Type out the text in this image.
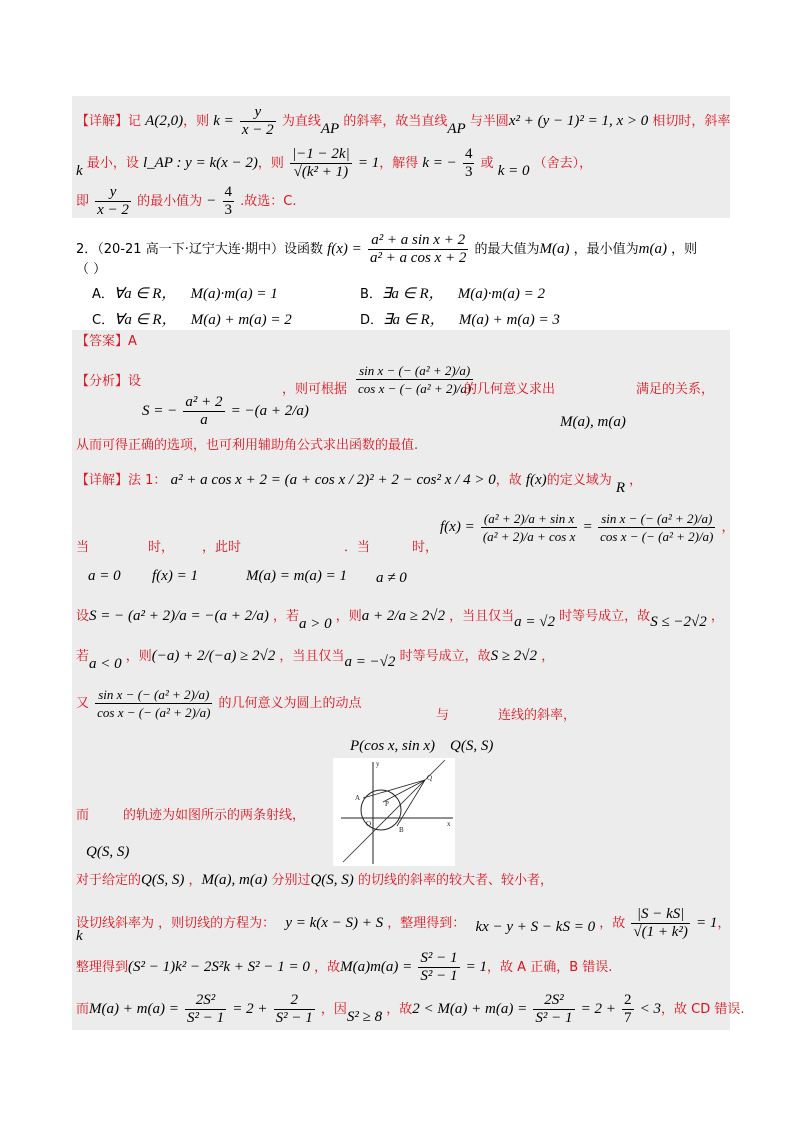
【详解】记 A(2,0)，则 $k = \frac{y}{x - 2}$ 为直线AP 的斜率，故当直线AP 与半圆x² + (y − 1)² = 1, x > 0 相切时，斜率
k 最小，设 l_AP : y = k(x − 2)，则 $\frac{|-1 - 2k|}{\text{√(k² + 1)}} = 1$，解得 k = − $\frac{4}{3}$ 或 k = 0 （舍去），
即 $\frac{y}{x - 2}$ 的最小值为 − $\frac{4}{3}$ .故选：C.
2．（20-21 高一下·辽宁大连·期中）设函数 $f(x) = \frac{\text{a² + a sin x + 2}}{\text{a² + a cos x + 2}}$ 的最大值为M(a) ，最小值为m(a) ，则
（ ）
A．∀a ∈ R， M(a)·m(a) = 1	B．∃a ∈ R， M(a)·m(a) = 2
C．∀a ∈ R， M(a) + m(a) = 2	D．∃a ∈ R， M(a) + m(a) = 3
【答案】A
【分析】设
S = − $\frac{\text{a² + 2}}{a} = -(a + 2/a)$
，则可根据 $\frac{\text{sin x − (− (a² + 2)/a)}}{\text{cos x − (− (a² + 2)/a)}}$
的几何意义求出	满足的关系，
M(a), m(a)
从而可得正确的选项，也可利用辅助角公式求出函数的最值.
【详解】法 1： a² + a cos x + 2 = (a + cos x / 2)² + 2 − cos² x / 4 > 0，故 f(x)的定义域为 R ，
当	时， ，此时	．当	时，
$f(x) = \frac{\text{(a² + 2)/a + sin x}}{\text{(a² + 2)/a + cos x}} = \frac{\text{sin x − (− (a² + 2)/a)}}{\text{cos x − (− (a² + 2)/a)}}$ ，
a = 0 f(x) = 1	M(a) = m(a) = 1 a ≠ 0
设S = − (a² + 2)/a = −(a + 2/a) ，若a > 0 ，则a + 2/a ≥ 2√2 ，当且仅当a = √2 时等号成立，故S ≤ −2√2 ，
若a < 0 ，则(−a) + 2/(−a) ≥ 2√2 ，当且仅当a = −√2 时等号成立，故S ≥ 2√2 ，
又 $\frac{\text{sin x − (− (a² + 2)/a)}}{\text{cos x − (− (a² + 2)/a)}}$ 的几何意义为圆上的动点
与	连线的斜率，
P(cos x, sin x) Q(S, S)
y
Q
A
P
B
O	x
而	的轨迹为如图所示的两条射线，
Q(S, S)
对于给定的Q(S, S) ，M(a), m(a) 分别过Q(S, S) 的切线的斜率的较大者、较小者，
设切线斜率为 ，则切线的方程为： y = k(x − S) + S ，整理得到： kx − y + S − kS = 0 ，故 $\frac{|S - kS|}{\text{√(1 + k²)}} = 1$，
k
整理得到(S² − 1)k² − 2S²k + S² − 1 = 0 ，故$M(a)m(a) = \frac{\text{S² − 1}}{\text{S² − 1}} = 1$，故 A 正确，B 错误.
而$M(a) + m(a) = \frac{\text{2S²}}{\text{S² − 1}} = 2 + \frac{2}{\text{S² − 1}}$ ，因S² ≥ 8 ，故$2 < M(a) + m(a) = \frac{\text{2S²}}{\text{S² − 1}} = 2 + \frac{2}{7} < 3$，故 CD 错误.
